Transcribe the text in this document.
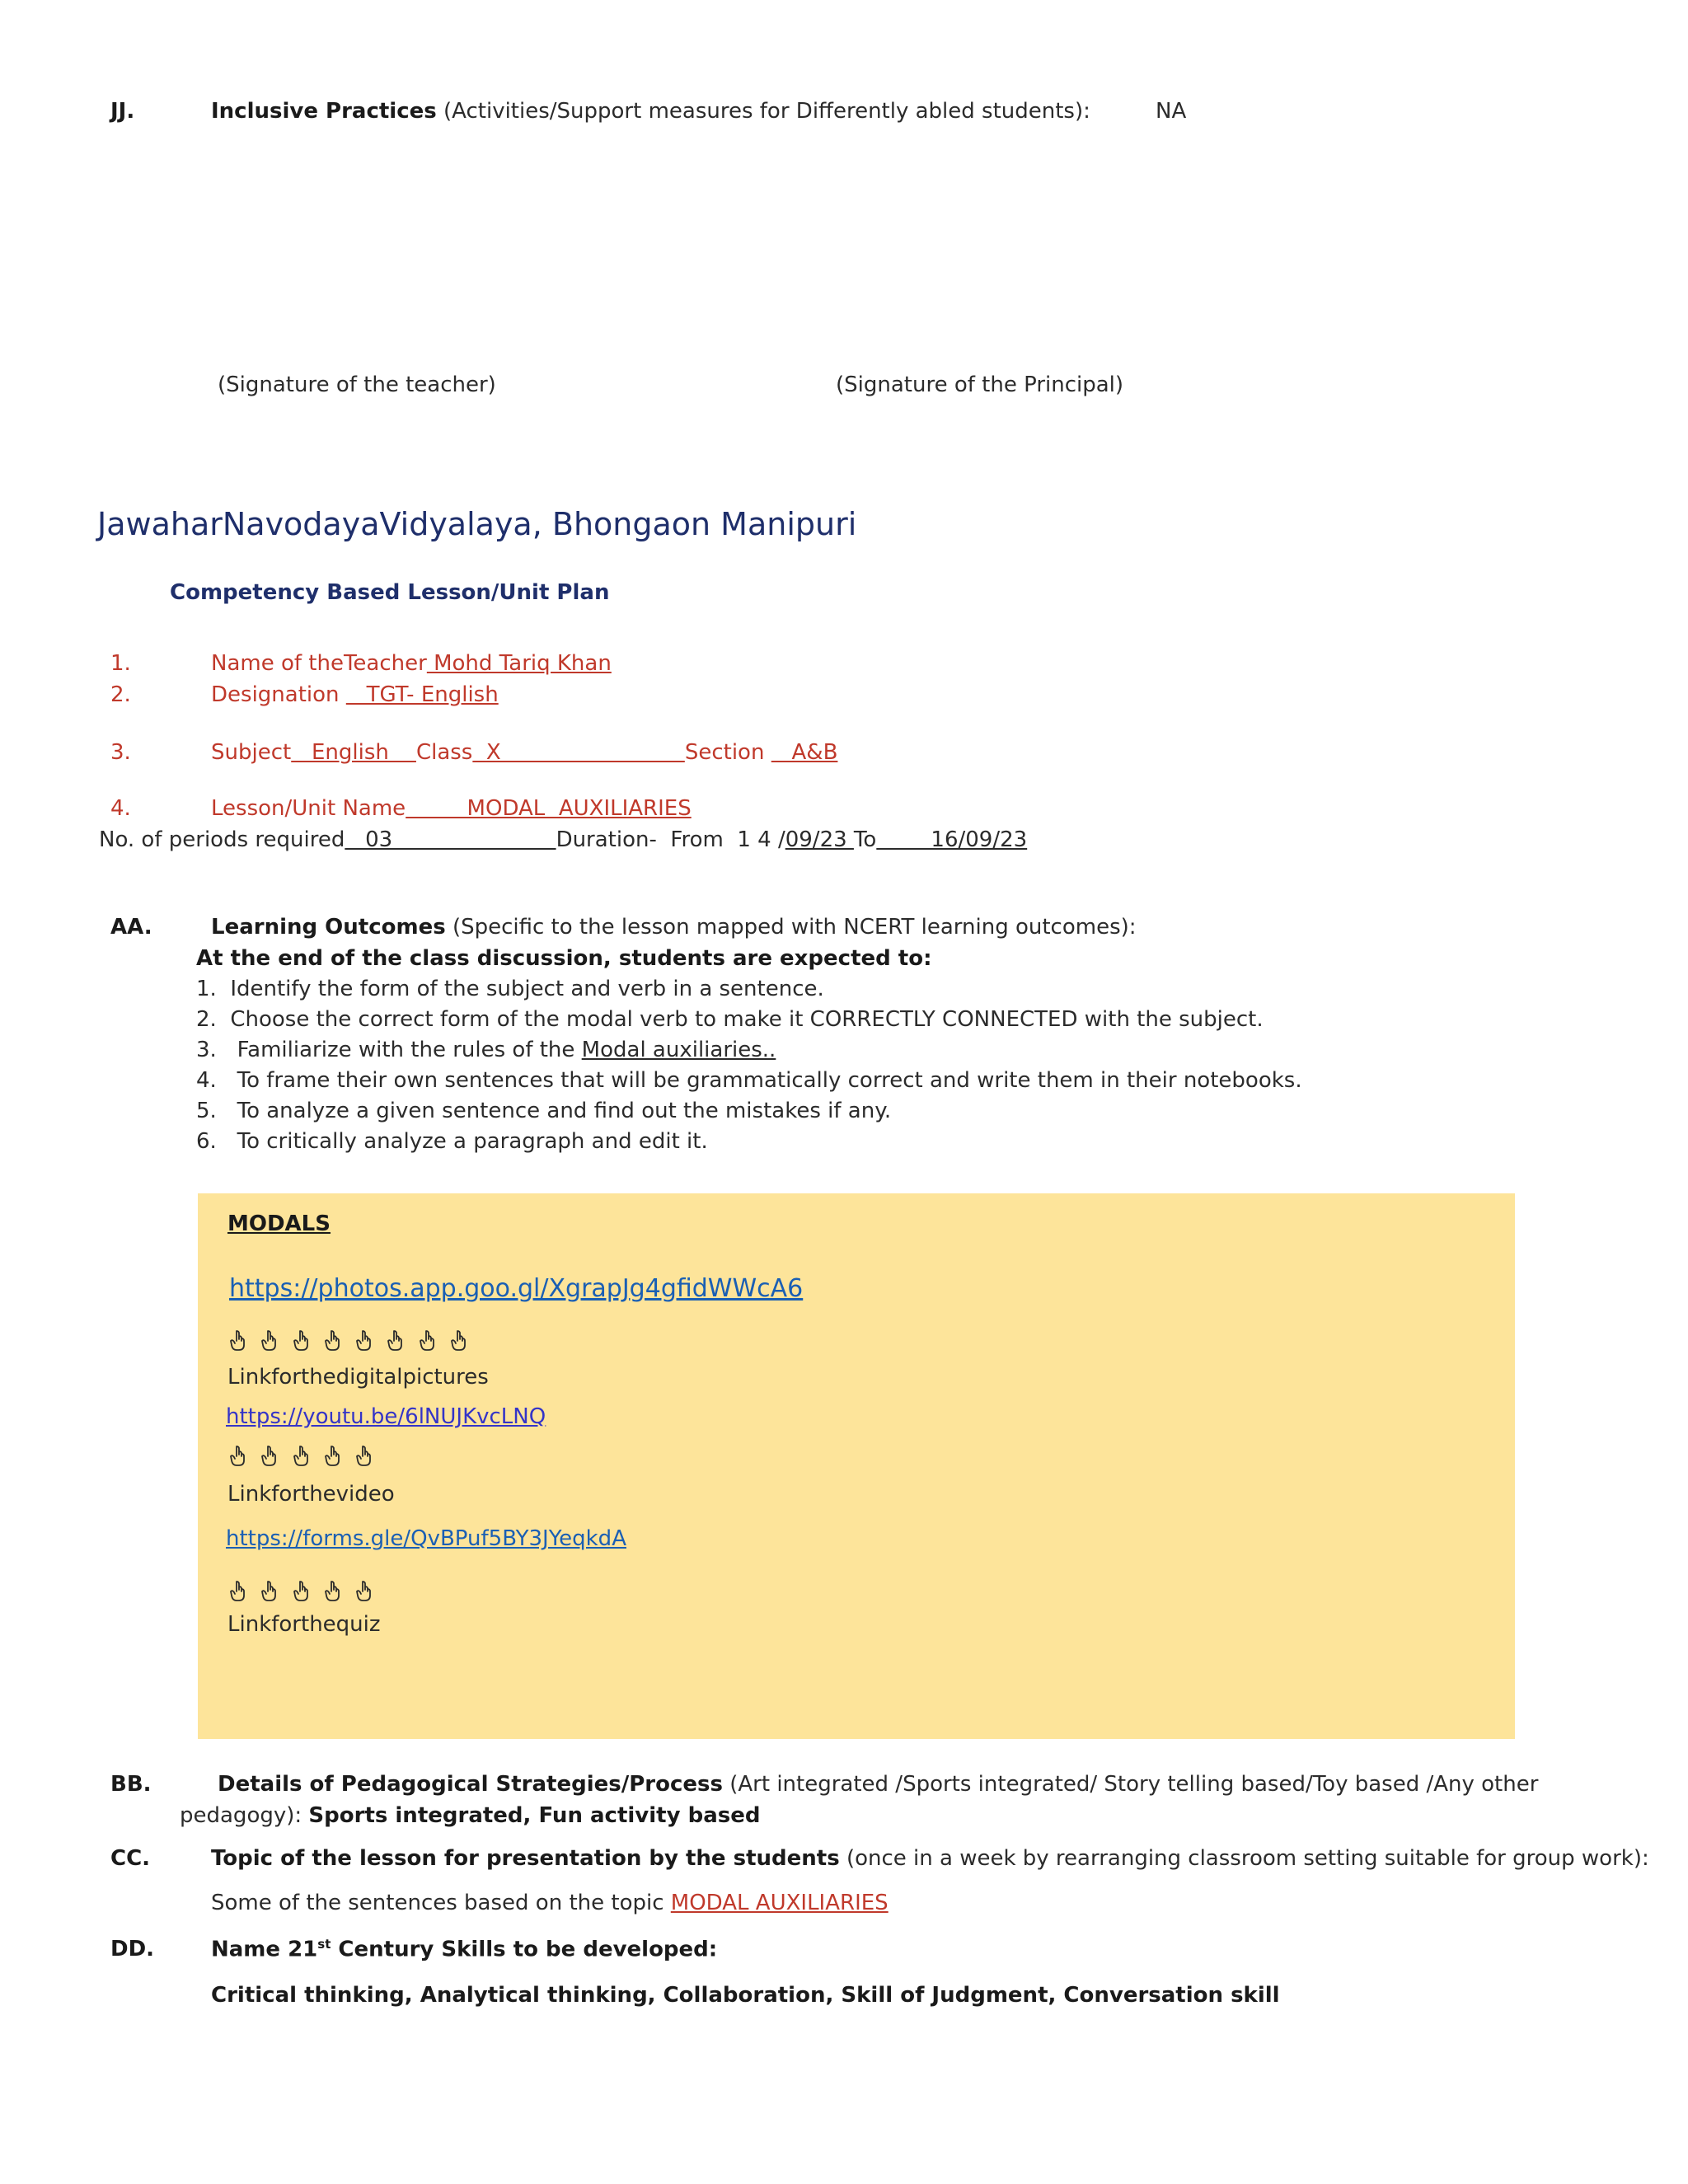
JJ.	Inclusive Practices (Activities/Support measures for Differently abled students):	NA
(Signature of the teacher)	(Signature of the Principal)
JawaharNavodayaVidyalaya, Bhongaon Manipuri
Competency Based Lesson/Unit Plan
1.	Name of theTeacher Mohd Tariq Khan
2.	Designation    TGT- English
3.	Subject   English    Class  X                           Section    A&B
4.	Lesson/Unit Name         MODAL  AUXILIARIES
No. of periods required   03                        Duration-  From  1 4 /09/23 To        16/09/23
AA.	Learning Outcomes (Specific to the lesson mapped with NCERT learning outcomes):
At the end of the class discussion, students are expected to:
1.  Identify the form of the subject and verb in a sentence.
2.  Choose the correct form of the modal verb to make it CORRECTLY CONNECTED with the subject.
3.   Familiarize with the rules of the Modal auxiliaries..
4.   To frame their own sentences that will be grammatically correct and write them in their notebooks.
5.   To analyze a given sentence and find out the mistakes if any.
6.   To critically analyze a paragraph and edit it.
MODALS
https://photos.app.goo.gl/XgrapJg4gfidWWcA6

Linkforthedigitalpictures
https://youtu.be/6lNUJKvcLNQ

Linkforthevideo
https://forms.gle/QvBPuf5BY3JYeqkdA

Linkforthequiz
BB.	Details of Pedagogical Strategies/Process (Art integrated /Sports integrated/ Story telling based/Toy based /Any other
pedagogy): Sports integrated, Fun activity based
CC.	Topic of the lesson for presentation by the students (once in a week by rearranging classroom setting suitable for group work):
Some of the sentences based on the topic MODAL AUXILIARIES
DD.	Name 21st Century Skills to be developed:
Critical thinking, Analytical thinking, Collaboration, Skill of Judgment, Conversation skill
